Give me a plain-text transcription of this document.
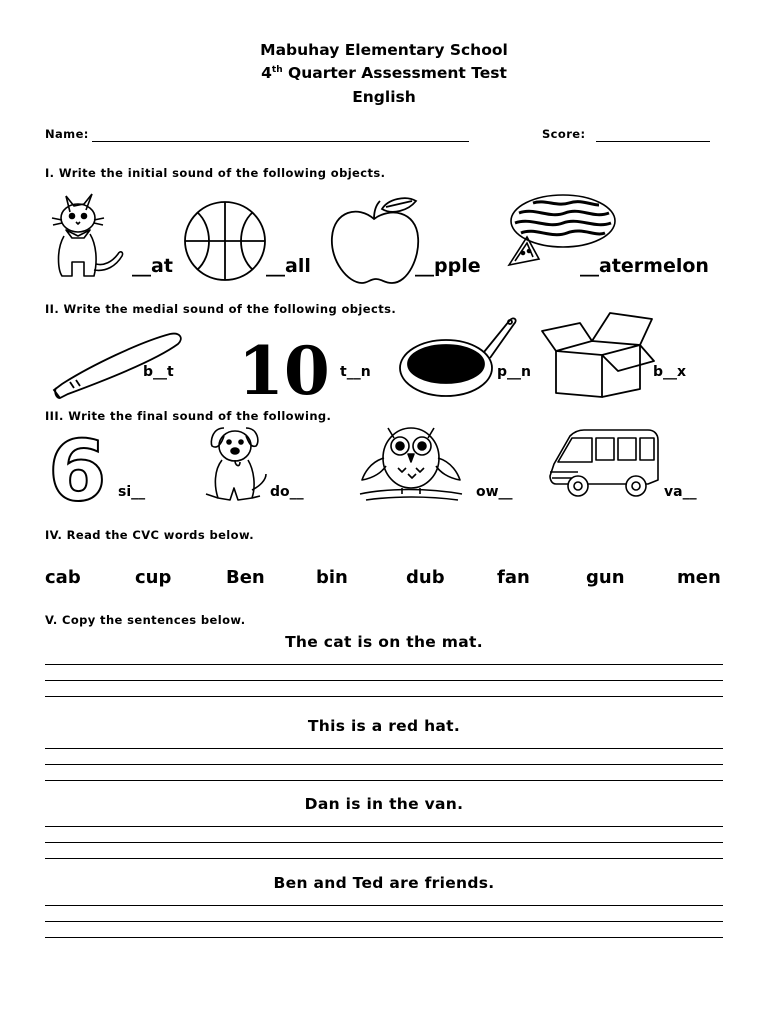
Mabuhay Elementary School
4th Quarter Assessment Test
English
Name:	Score:
I. Write the initial sound of the following objects.
__at	__all	__pple	__atermelon
II. Write the medial sound of the following objects.
b__t 10 t__n	p__n	b__x
III. Write the final sound of the following.
6 si__	do__	ow__	va__
IV. Read the CVC words below.
cab	cup	Ben	bin	dub	fan	gun	men
V. Copy the sentences below.
The cat is on the mat.
This is a red hat.
Dan is in the van.
Ben and Ted are friends.
